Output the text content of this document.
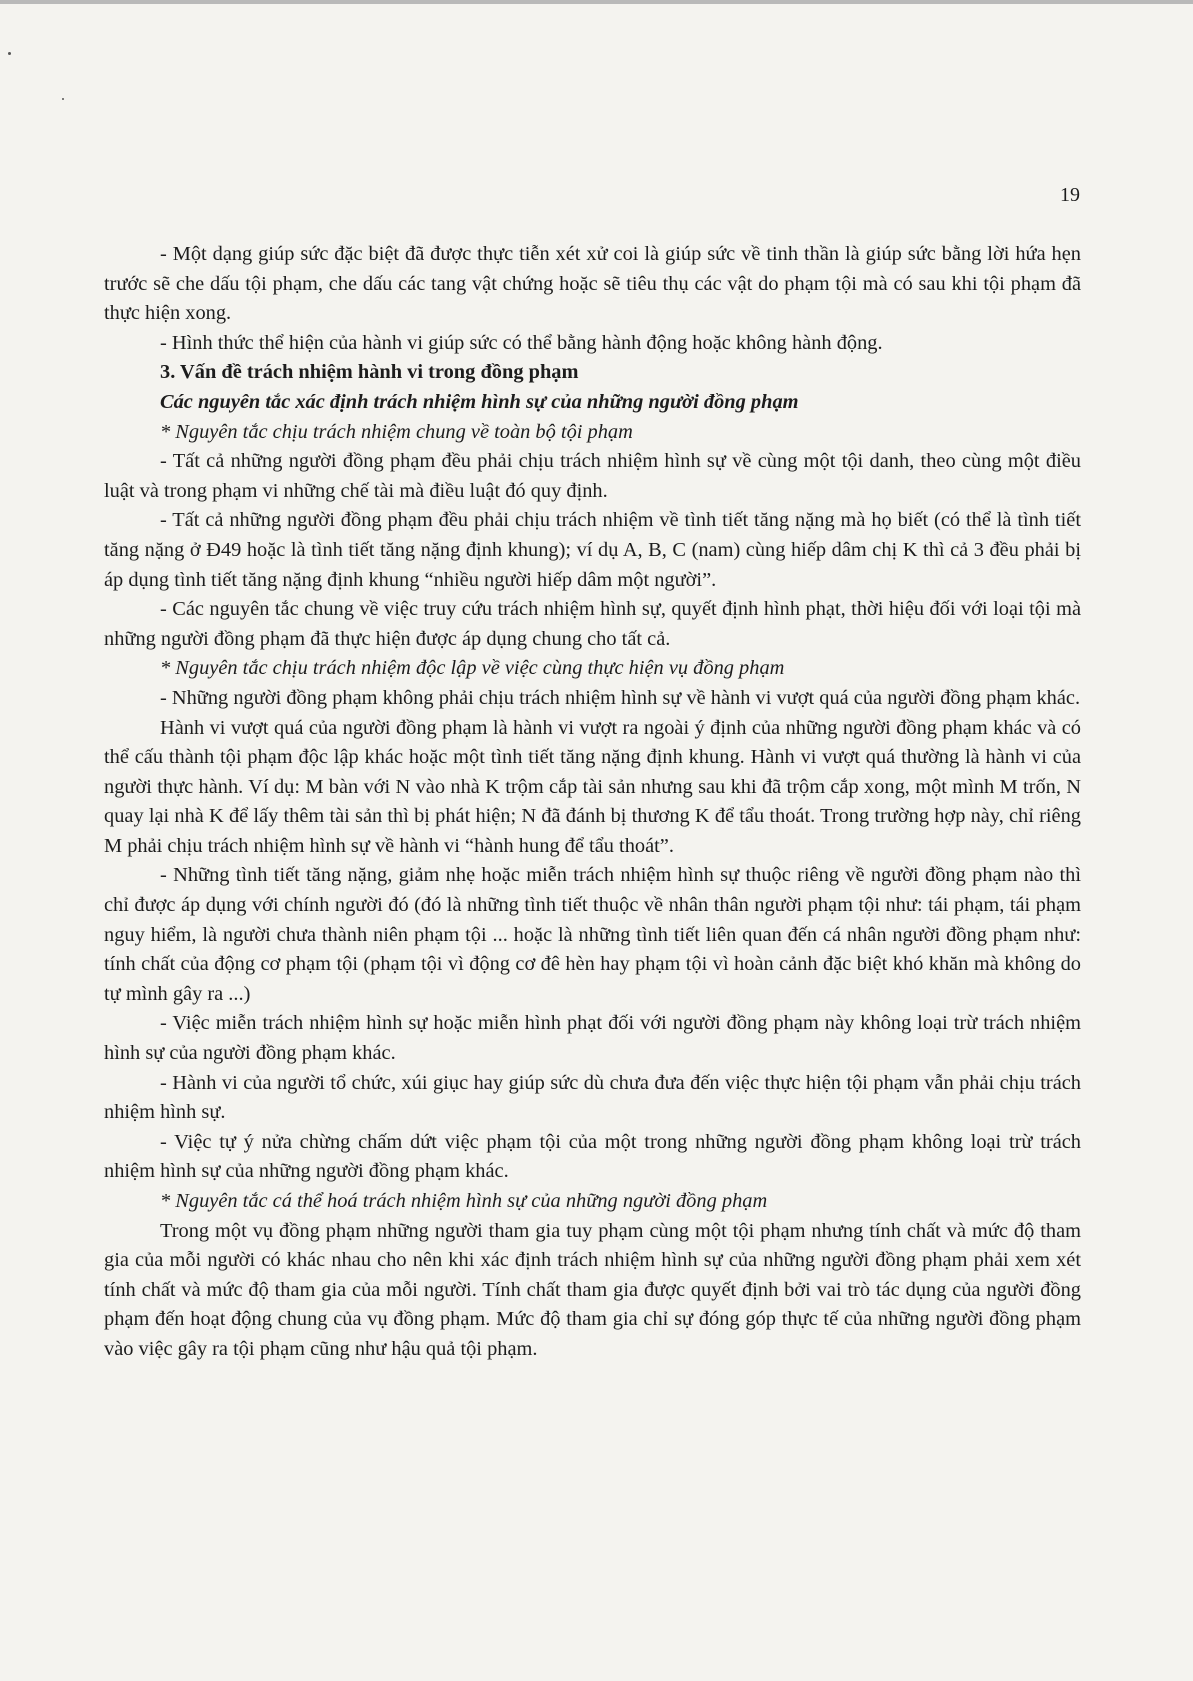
19

- Một dạng giúp sức đặc biệt đã được thực tiễn xét xử coi là giúp sức về tinh thần là giúp sức bằng lời hứa hẹn trước sẽ che dấu tội phạm, che dấu các tang vật chứng hoặc sẽ tiêu thụ các vật do phạm tội mà có sau khi tội phạm đã thực hiện xong.

- Hình thức thể hiện của hành vi giúp sức có thể bằng hành động hoặc không hành động.

3. Vấn đề trách nhiệm hành vi trong đồng phạm

Các nguyên tắc xác định trách nhiệm hình sự của những người đồng phạm

* Nguyên tắc chịu trách nhiệm chung về toàn bộ tội phạm

- Tất cả những người đồng phạm đều phải chịu trách nhiệm hình sự về cùng một tội danh, theo cùng một điều luật và trong phạm vi những chế tài mà điều luật đó quy định.

- Tất cả những người đồng phạm đều phải chịu trách nhiệm về tình tiết tăng nặng mà họ biết (có thể là tình tiết tăng nặng ở Đ49 hoặc là tình tiết tăng nặng định khung); ví dụ A, B, C (nam) cùng hiếp dâm chị K thì cả 3 đều phải bị áp dụng tình tiết tăng nặng định khung “nhiều người hiếp dâm một người”.

- Các nguyên tắc chung về việc truy cứu trách nhiệm hình sự, quyết định hình phạt, thời hiệu đối với loại tội mà những người đồng phạm đã thực hiện được áp dụng chung cho tất cả.

* Nguyên tắc chịu trách nhiệm độc lập về việc cùng thực hiện vụ đồng phạm

- Những người đồng phạm không phải chịu trách nhiệm hình sự về hành vi vượt quá của người đồng phạm khác.

Hành vi vượt quá của người đồng phạm là hành vi vượt ra ngoài ý định của những người đồng phạm khác và có thể cấu thành tội phạm độc lập khác hoặc một tình tiết tăng nặng định khung. Hành vi vượt quá thường là hành vi của người thực hành. Ví dụ: M bàn với N vào nhà K trộm cắp tài sản nhưng sau khi đã trộm cắp xong, một mình M trốn, N quay lại nhà K để lấy thêm tài sản thì bị phát hiện; N đã đánh bị thương K để tẩu thoát. Trong trường hợp này, chỉ riêng M phải chịu trách nhiệm hình sự về hành vi “hành hung để tẩu thoát”.

- Những tình tiết tăng nặng, giảm nhẹ hoặc miễn trách nhiệm hình sự thuộc riêng về người đồng phạm nào thì chỉ được áp dụng với chính người đó (đó là những tình tiết thuộc về nhân thân người phạm tội như: tái phạm, tái phạm nguy hiểm, là người chưa thành niên phạm tội ... hoặc là những tình tiết liên quan đến cá nhân người đồng phạm như: tính chất của động cơ phạm tội (phạm tội vì động cơ đê hèn hay phạm tội vì hoàn cảnh đặc biệt khó khăn mà không do tự mình gây ra ...)

- Việc miễn trách nhiệm hình sự hoặc miễn hình phạt đối với người đồng phạm này không loại trừ trách nhiệm hình sự của người đồng phạm khác.

- Hành vi của người tổ chức, xúi giục hay giúp sức dù chưa đưa đến việc thực hiện tội phạm vẫn phải chịu trách nhiệm hình sự.

- Việc tự ý nửa chừng chấm dứt việc phạm tội của một trong những người đồng phạm không loại trừ trách nhiệm hình sự của những người đồng phạm khác.

* Nguyên tắc cá thể hoá trách nhiệm hình sự của những người đồng phạm

Trong một vụ đồng phạm những người tham gia tuy phạm cùng một tội phạm nhưng tính chất và mức độ tham gia của mỗi người có khác nhau cho nên khi xác định trách nhiệm hình sự của những người đồng phạm phải xem xét tính chất và mức độ tham gia của mỗi người. Tính chất tham gia được quyết định bởi vai trò tác dụng của người đồng phạm đến hoạt động chung của vụ đồng phạm. Mức độ tham gia chỉ sự đóng góp thực tế của những người đồng phạm vào việc gây ra tội phạm cũng như hậu quả tội phạm.
